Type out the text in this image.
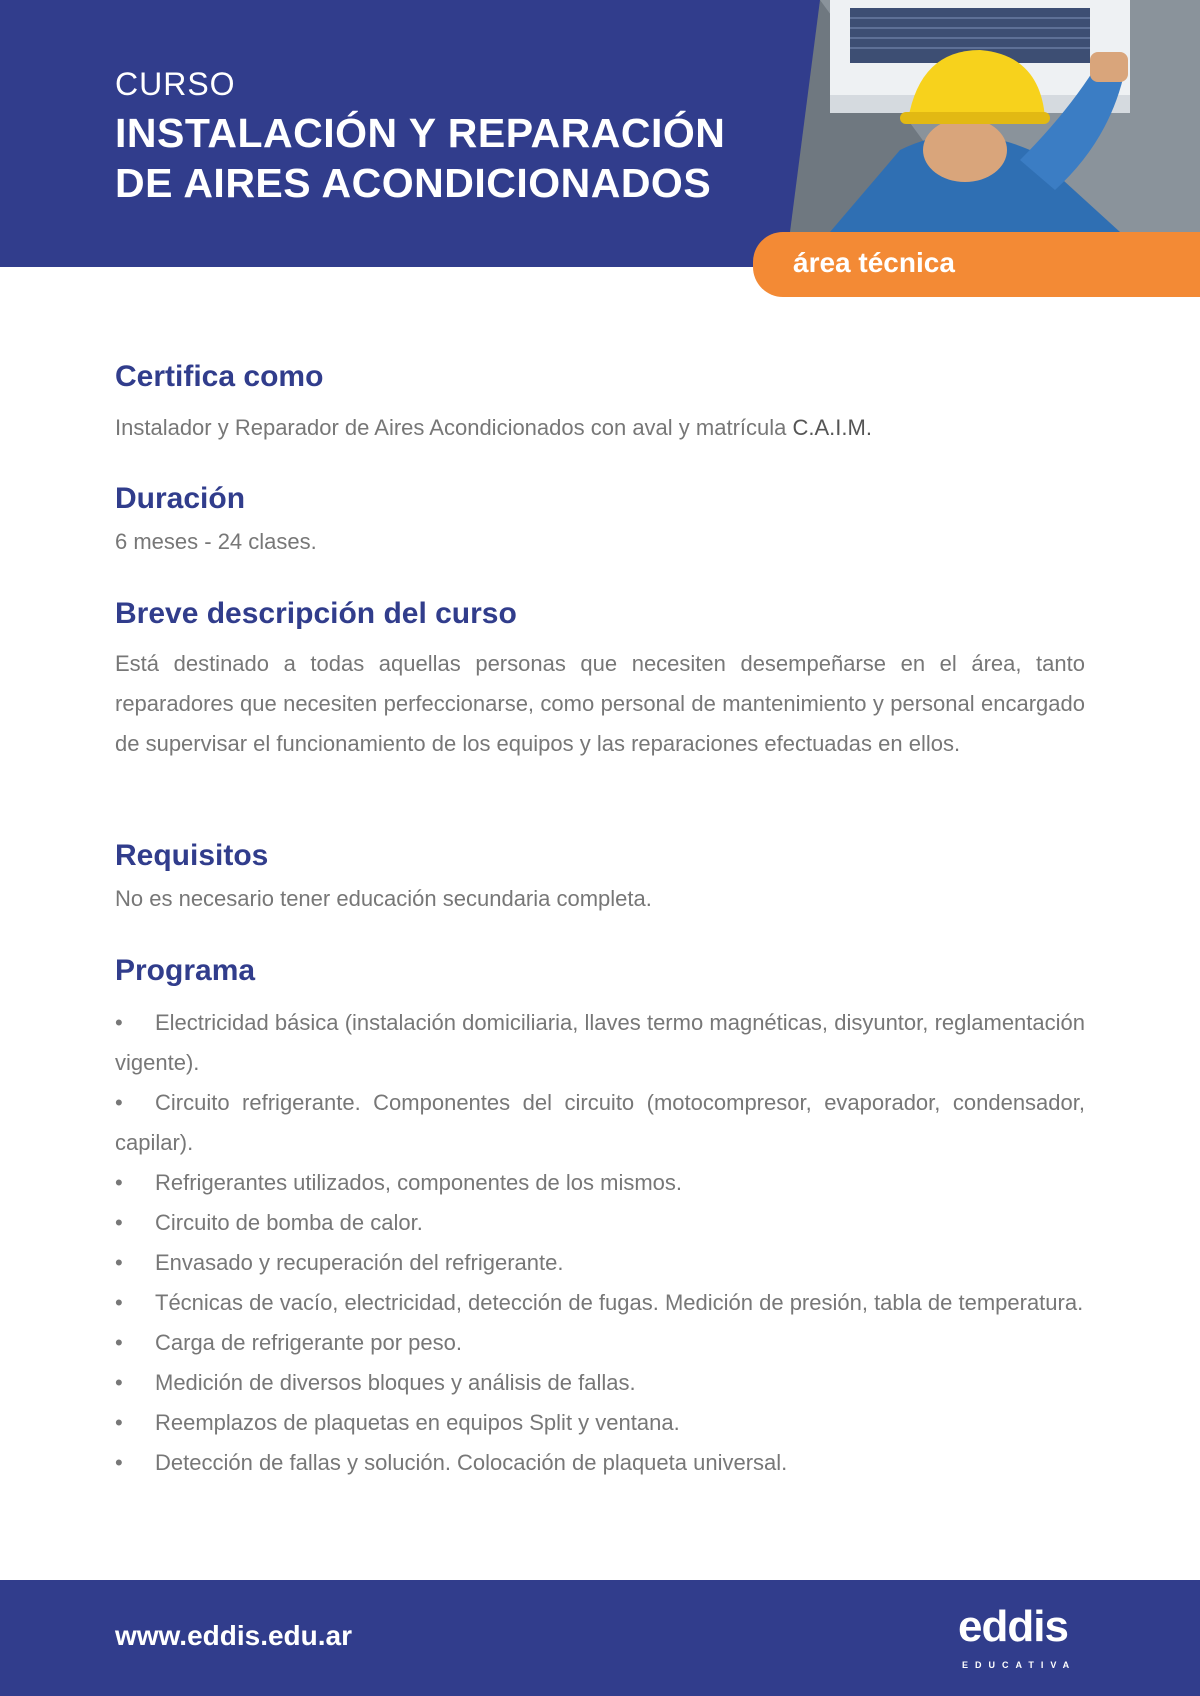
CURSO
INSTALACIÓN Y REPARACIÓN
DE AIRES ACONDICIONADOS
área técnica
Certifica como
Instalador y Reparador de Aires Acondicionados con aval y matrícula C.A.I.M.
Duración
6 meses - 24 clases.
Breve descripción del curso
Está destinado a todas aquellas personas que necesiten desempeñarse en el área, tanto reparadores que necesiten perfeccionarse, como personal de mantenimiento y personal encargado de supervisar el funcionamiento de los equipos y las reparaciones efectuadas en ellos.
Requisitos
No es necesario tener educación secundaria completa.
Programa
• Electricidad básica (instalación domiciliaria, llaves termo magnéticas, disyuntor, reglamentación vigente).
• Circuito refrigerante. Componentes del circuito (motocompresor, evaporador, condensador, capilar).
• Refrigerantes utilizados, componentes de los mismos.
• Circuito de bomba de calor.
• Envasado y recuperación del refrigerante.
• Técnicas de vacío, electricidad, detección de fugas. Medición de presión, tabla de temperatura.
• Carga de refrigerante por peso.
• Medición de diversos bloques y análisis de fallas.
• Reemplazos de plaquetas en equipos Split y ventana.
• Detección de fallas y solución. Colocación de plaqueta universal.
www.eddis.edu.ar	eddis
EDUCATIVA
